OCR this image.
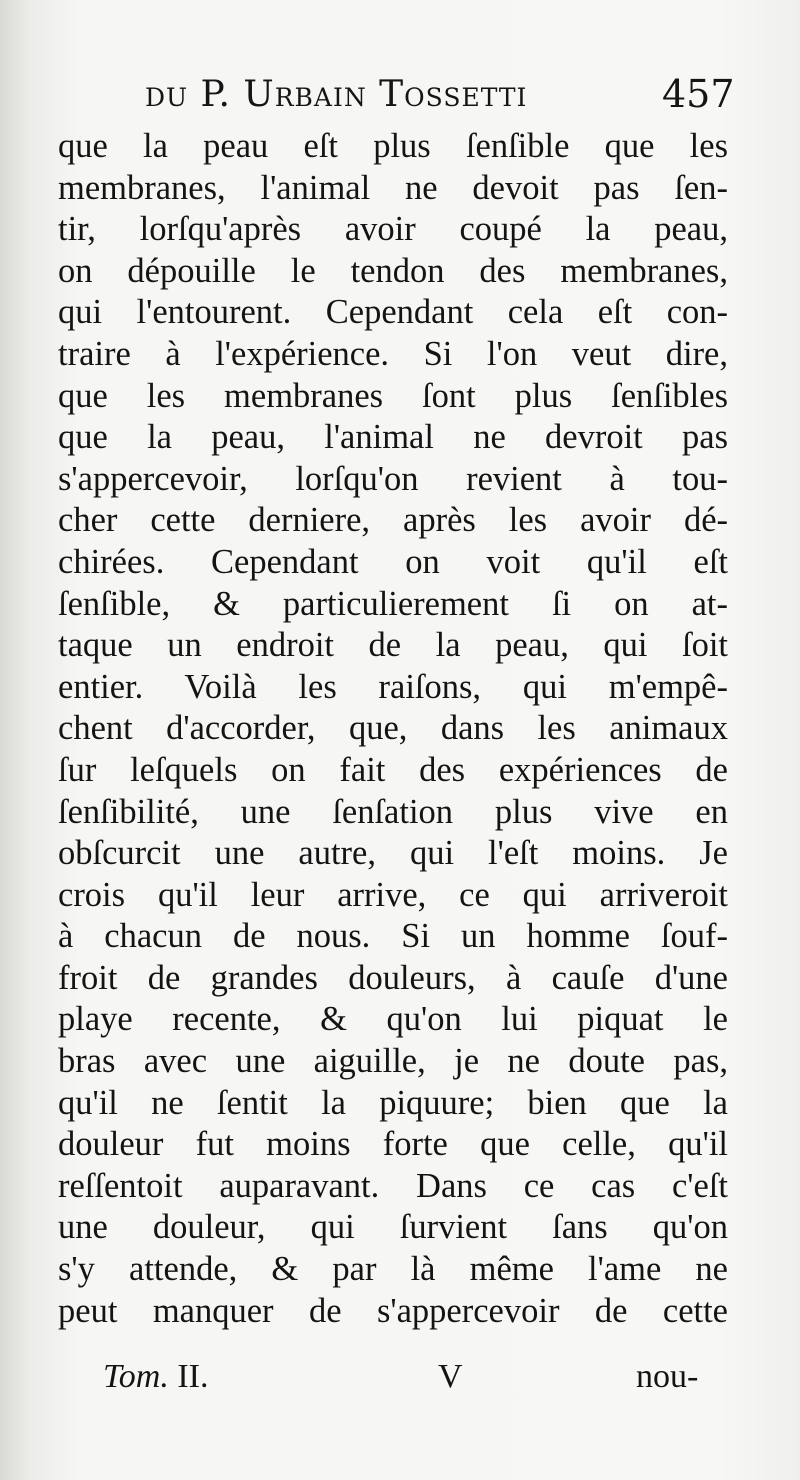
du P. Urbain Tossetti	457
que la peau eſt plus ſenſible que les
membranes, l'animal ne devoit pas ſen-
tir, lorſqu'après avoir coupé la peau,
on dépouille le tendon des membranes,
qui l'entourent. Cependant cela eſt con-
traire à l'expérience. Si l'on veut dire,
que les membranes ſont plus ſenſibles
que la peau, l'animal ne devroit pas
s'appercevoir, lorſqu'on revient à tou-
cher cette derniere, après les avoir dé-
chirées. Cependant on voit qu'il eſt
ſenſible, & particulierement ſi on at-
taque un endroit de la peau, qui ſoit
entier. Voilà les raiſons, qui m'empê-
chent d'accorder, que, dans les animaux
ſur leſquels on fait des expériences de
ſenſibilité, une ſenſation plus vive en
obſcurcit une autre, qui l'eſt moins. Je
crois qu'il leur arrive, ce qui arriveroit
à chacun de nous. Si un homme ſouf-
froit de grandes douleurs, à cauſe d'une
playe recente, & qu'on lui piquat le
bras avec une aiguille, je ne doute pas,
qu'il ne ſentit la piquure; bien que la
douleur fut moins forte que celle, qu'il
reſſentoit auparavant. Dans ce cas c'eſt
une douleur, qui ſurvient ſans qu'on
s'y attende, & par là même l'ame ne
peut manquer de s'appercevoir de cette
Tom. II.	V	nou-
